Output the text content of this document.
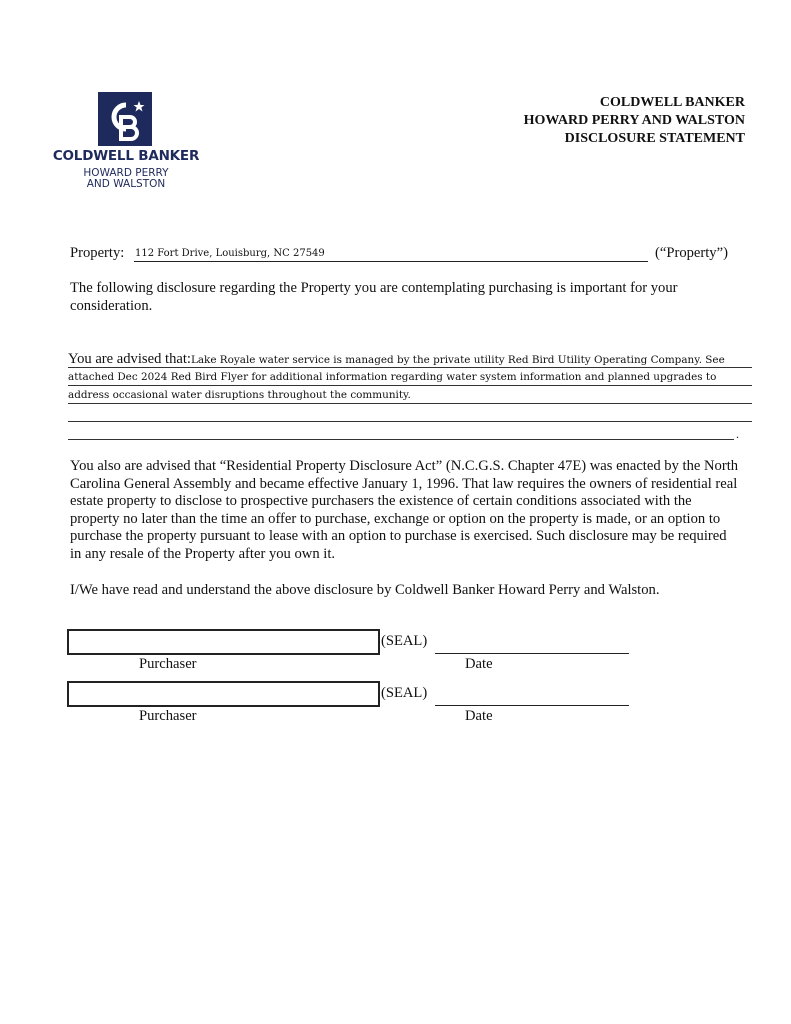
COLDWELL BANKER
HOWARD PERRY
AND WALSTON
COLDWELL BANKER
HOWARD PERRY AND WALSTON
DISCLOSURE STATEMENT
Property: 112 Fort Drive, Louisburg, NC 27549	(“Property”)
The following disclosure regarding the Property you are contemplating purchasing is important for your consideration.
You are advised that:Lake Royale water service is managed by the private utility Red Bird Utility Operating Company. See
attached Dec 2024 Red Bird Flyer for additional information regarding water system information and planned upgrades to
address occasional water disruptions throughout the community.
.
You also are advised that “Residential Property Disclosure Act” (N.C.G.S. Chapter 47E) was enacted by the North Carolina General Assembly and became effective January 1, 1996. That law requires the owners of residential real estate property to disclose to prospective purchasers the existence of certain conditions associated with the property no later than the time an offer to purchase, exchange or option on the property is made, or an option to purchase the property pursuant to lease with an option to purchase is exercised. Such disclosure may be required in any resale of the Property after you own it.
I/We have read and understand the above disclosure by Coldwell Banker Howard Perry and Walston.
(SEAL)
Purchaser	Date
(SEAL)
Purchaser	Date
